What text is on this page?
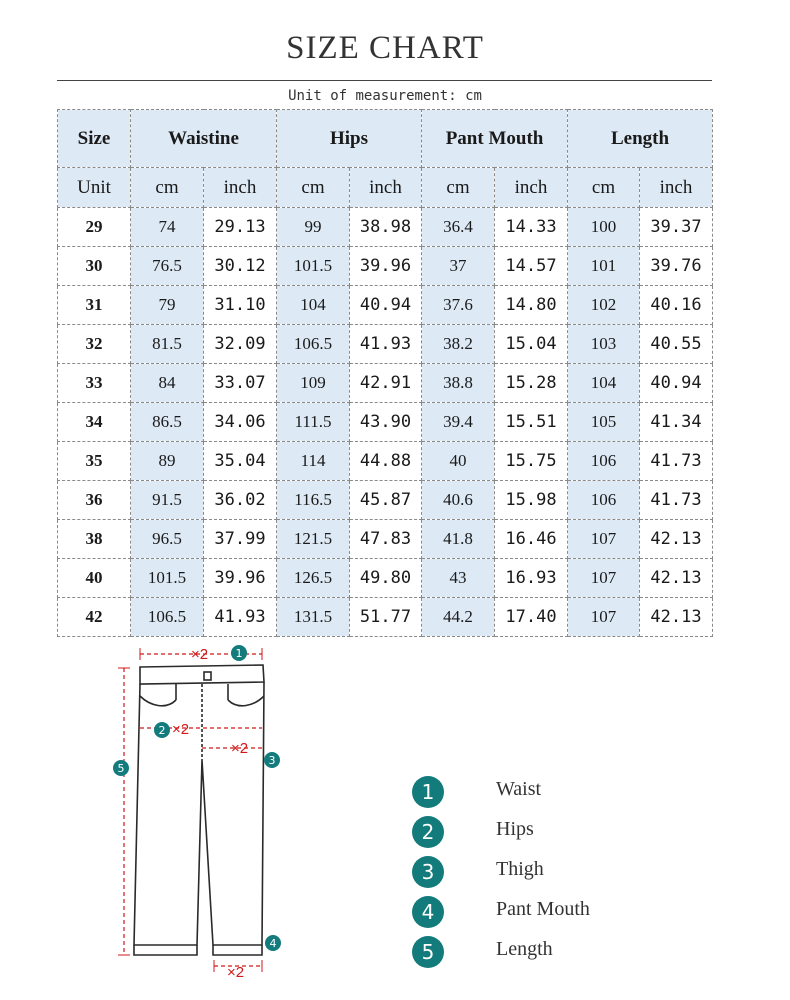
SIZE CHART
Unit of measurement: cm
Size	Waistine		Hips		Pant Mouth		Length	
Unit	cm	inch	cm	inch	cm	inch	cm	inch
29	74	29.13	99	38.98	36.4	14.33	100	39.37
30	76.5	30.12	101.5	39.96	37	14.57	101	39.76
31	79	31.10	104	40.94	37.6	14.80	102	40.16
32	81.5	32.09	106.5	41.93	38.2	15.04	103	40.55
33	84	33.07	109	42.91	38.8	15.28	104	40.94
34	86.5	34.06	111.5	43.90	39.4	15.51	105	41.34
35	89	35.04	114	44.88	40	15.75	106	41.73
36	91.5	36.02	116.5	45.87	40.6	15.98	106	41.73
38	96.5	37.99	121.5	47.83	41.8	16.46	107	42.13
40	101.5	39.96	126.5	49.80	43	16.93	107	42.13
42	106.5	41.93	131.5	51.77	44.2	17.40	107	42.13
×2
×2
×2
×2
1
2
3
4
5
1	Waist
2	Hips
3	Thigh
4	Pant Mouth
5	Length
